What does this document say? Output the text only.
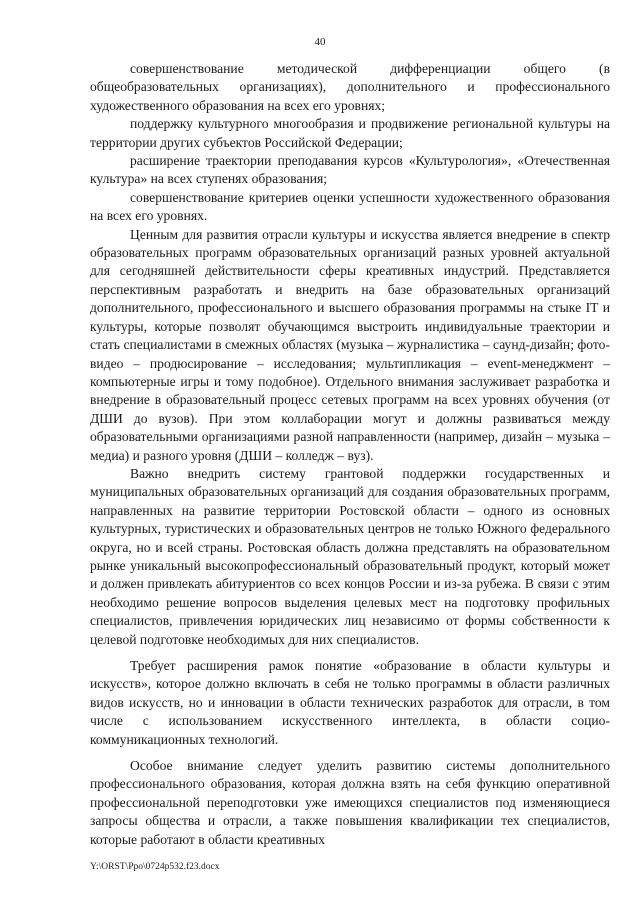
40

совершенствование методической дифференциации общего (в общеобразовательных организациях), дополнительного и профессионального художественного образования на всех его уровнях;

поддержку культурного многообразия и продвижение региональной культуры на территории других субъектов Российской Федерации;

расширение траектории преподавания курсов «Культурология», «Отечественная культура» на всех ступенях образования;

совершенствование критериев оценки успешности художественного образования на всех его уровнях.

Ценным для развития отрасли культуры и искусства является внедрение в спектр образовательных программ образовательных организаций разных уровней актуальной для сегодняшней действительности сферы креативных индустрий. Представляется перспективным разработать и внедрить на базе образовательных организаций дополнительного, профессионального и высшего образования программы на стыке IT и культуры, которые позволят обучающимся выстроить индивидуальные траектории и стать специалистами в смежных областях (музыка – журналистика – саунд-дизайн; фото-видео – продюсирование – исследования; мультипликация – event-менеджмент – компьютерные игры и тому подобное). Отдельного внимания заслуживает разработка и внедрение в образовательный процесс сетевых программ на всех уровнях обучения (от ДШИ до вузов). При этом коллаборации могут и должны развиваться между образовательными организациями разной направленности (например, дизайн – музыка – медиа) и разного уровня (ДШИ – колледж – вуз).

Важно внедрить систему грантовой поддержки государственных и муниципальных образовательных организаций для создания образовательных программ, направленных на развитие территории Ростовской области – одного из основных культурных, туристических и образовательных центров не только Южного федерального округа, но и всей страны. Ростовская область должна представлять на образовательном рынке уникальный высокопрофессиональный образовательный продукт, который может и должен привлекать абитуриентов со всех концов России и из-за рубежа. В связи с этим необходимо решение вопросов выделения целевых мест на подготовку профильных специалистов, привлечения юридических лиц независимо от формы собственности к целевой подготовке необходимых для них специалистов.

Требует расширения рамок понятие «образование в области культуры и искусств», которое должно включать в себя не только программы в области различных видов искусств, но и инновации в области технических разработок для отрасли, в том числе с использованием искусственного интеллекта, в области социо-коммуникационных технологий.

Особое внимание следует уделить развитию системы дополнительного профессионального образования, которая должна взять на себя функцию оперативной профессиональной переподготовки уже имеющихся специалистов под изменяющиеся запросы общества и отрасли, а также повышения квалификации тех специалистов, которые работают в области креативных

Y:\ORST\Ppo\0724p532.f23.docx
